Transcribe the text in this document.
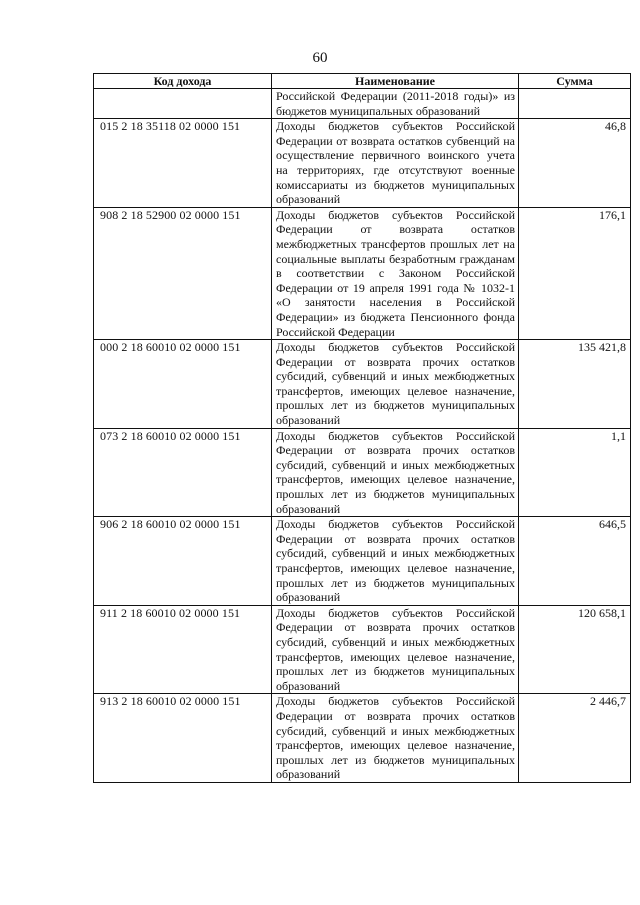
60
Код дохода	Наименование	Сумма
	Российской Федерации (2011-2018 годы)» из бюджетов муниципальных образований	
015 2 18 35118 02 0000 151	Доходы бюджетов субъектов Российской Федерации от возврата остатков субвенций на осуществление первичного воинского учета на территориях, где отсутствуют военные комиссариаты из бюджетов муниципальных образований	46,8
908 2 18 52900 02 0000 151	Доходы бюджетов субъектов Российской Федерации от возврата остатков межбюджетных трансфертов прошлых лет на социальные выплаты безработным гражданам в соответствии с Законом Российской Федерации от 19 апреля 1991 года № 1032-1 «О занятости населения в Российской Федерации» из бюджета Пенсионного фонда Российской Федерации	176,1
000 2 18 60010 02 0000 151	Доходы бюджетов субъектов Российской Федерации от возврата прочих остатков субсидий, субвенций и иных межбюджетных трансфертов, имеющих целевое назначение, прошлых лет из бюджетов муниципальных образований	135 421,8
073 2 18 60010 02 0000 151	Доходы бюджетов субъектов Российской Федерации от возврата прочих остатков субсидий, субвенций и иных межбюджетных трансфертов, имеющих целевое назначение, прошлых лет из бюджетов муниципальных образований	1,1
906 2 18 60010 02 0000 151	Доходы бюджетов субъектов Российской Федерации от возврата прочих остатков субсидий, субвенций и иных межбюджетных трансфертов, имеющих целевое назначение, прошлых лет из бюджетов муниципальных образований	646,5
911 2 18 60010 02 0000 151	Доходы бюджетов субъектов Российской Федерации от возврата прочих остатков субсидий, субвенций и иных межбюджетных трансфертов, имеющих целевое назначение, прошлых лет из бюджетов муниципальных образований	120 658,1
913 2 18 60010 02 0000 151	Доходы бюджетов субъектов Российской Федерации от возврата прочих остатков субсидий, субвенций и иных межбюджетных трансфертов, имеющих целевое назначение, прошлых лет из бюджетов муниципальных образований	2 446,7
